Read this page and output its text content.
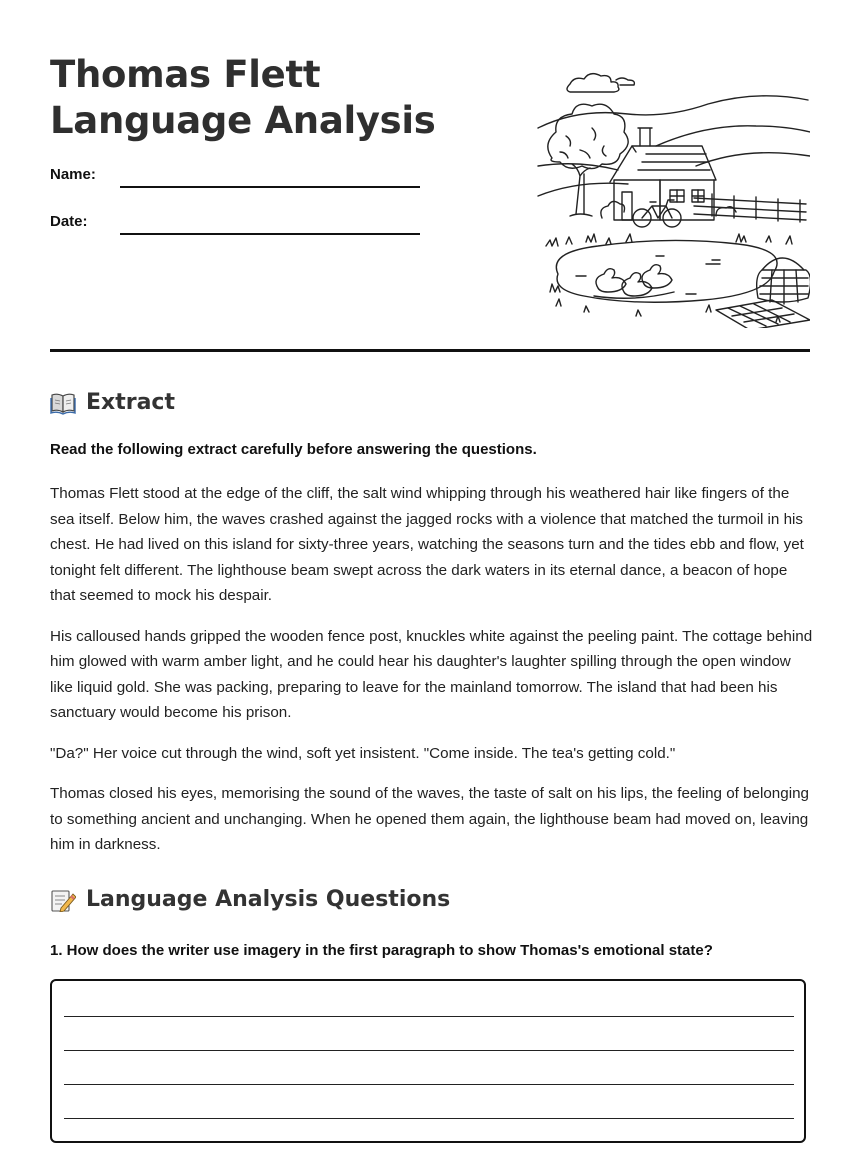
Thomas Flett Language Analysis
Name:
Date:
Extract

Read the following extract carefully before answering the questions.

Thomas Flett stood at the edge of the cliff, the salt wind whipping through his weathered hair like fingers of the sea itself. Below him, the waves crashed against the jagged rocks with a violence that matched the turmoil in his chest. He had lived on this island for sixty-three years, watching the seasons turn and the tides ebb and flow, yet tonight felt different. The lighthouse beam swept across the dark waters in its eternal dance, a beacon of hope that seemed to mock his despair.

His calloused hands gripped the wooden fence post, knuckles white against the peeling paint. The cottage behind him glowed with warm amber light, and he could hear his daughter's laughter spilling through the open window like liquid gold. She was packing, preparing to leave for the mainland tomorrow. The island that had been his sanctuary would become his prison.

"Da?" Her voice cut through the wind, soft yet insistent. "Come inside. The tea's getting cold."

Thomas closed his eyes, memorising the sound of the waves, the taste of salt on his lips, the feeling of belonging to something ancient and unchanging. When he opened them again, the lighthouse beam had moved on, leaving him in darkness.

Language Analysis Questions

1. How does the writer use imagery in the first paragraph to show Thomas's emotional state?
